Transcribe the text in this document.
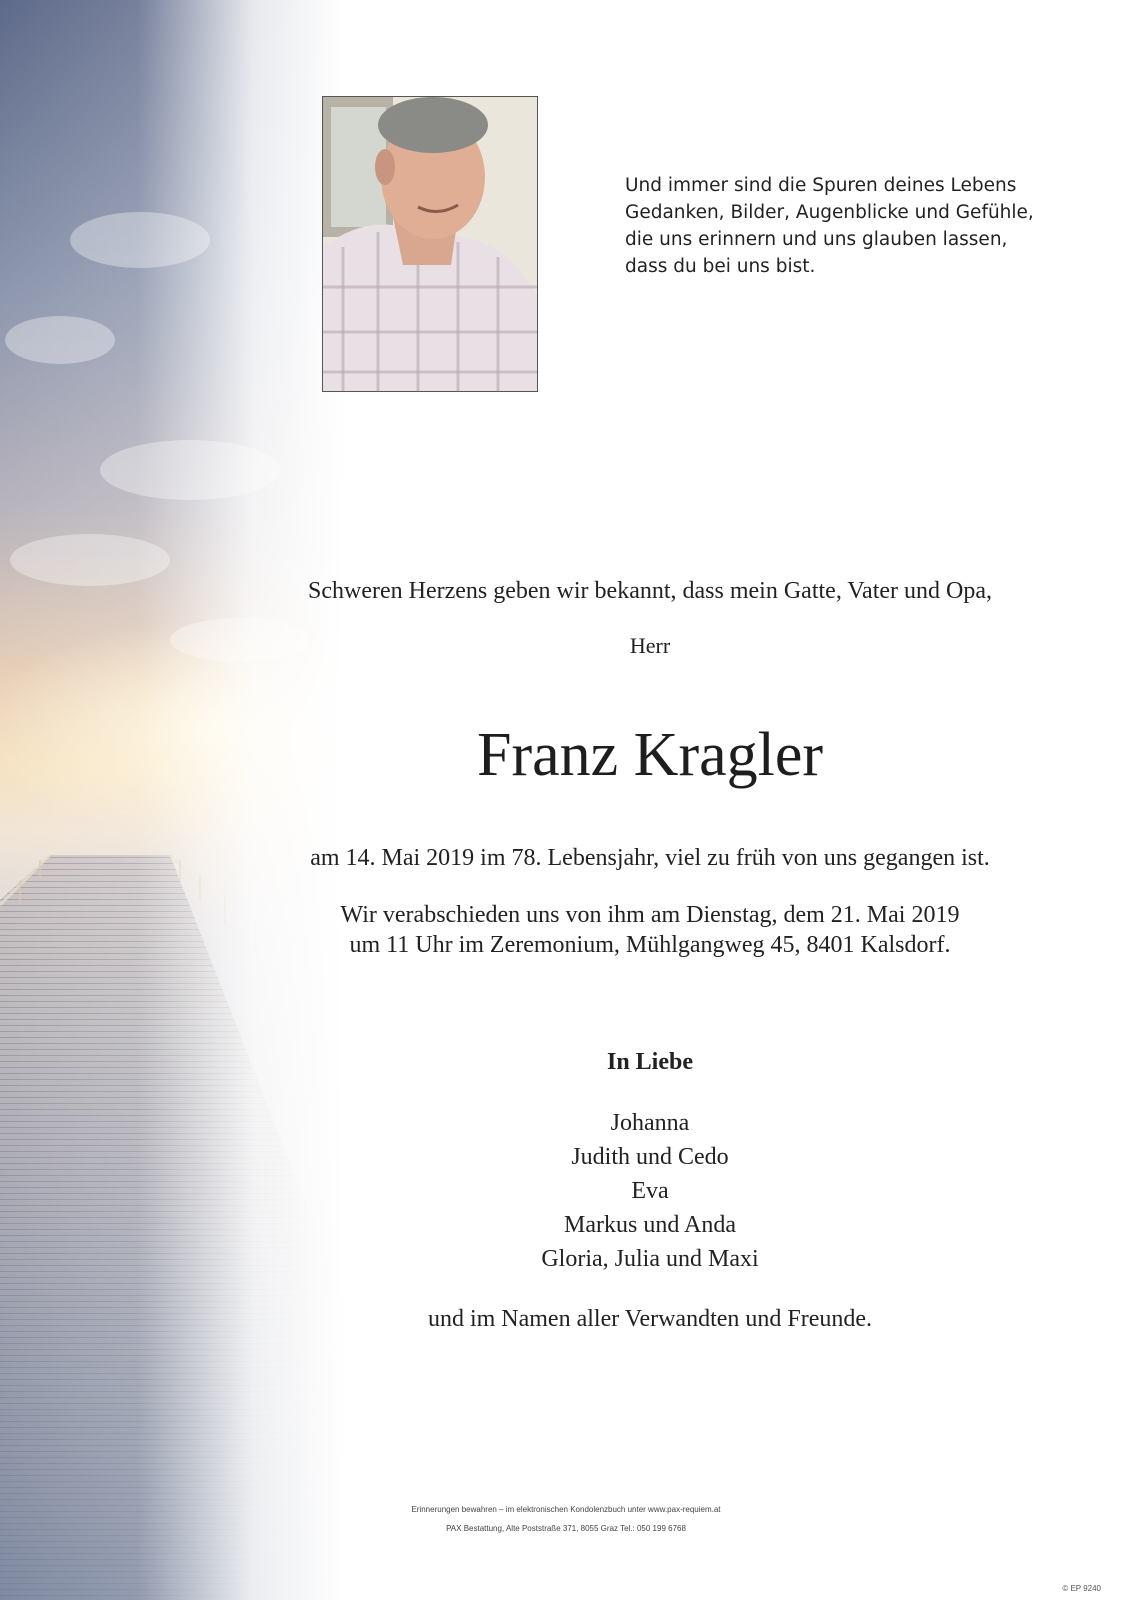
Und immer sind die Spuren deines Lebens
Gedanken, Bilder, Augenblicke und Gefühle,
die uns erinnern und uns glauben lassen,
dass du bei uns bist.
Schweren Herzens geben wir bekannt, dass mein Gatte, Vater und Opa,
Herr
Franz Kragler
am 14. Mai 2019 im 78. Lebensjahr, viel zu früh von uns gegangen ist.
Wir verabschieden uns von ihm am Dienstag, dem 21. Mai 2019
um 11 Uhr im Zeremonium, Mühlgangweg 45, 8401 Kalsdorf.
In Liebe
Johanna
Judith und Cedo
Eva
Markus und Anda
Gloria, Julia und Maxi
und im Namen aller Verwandten und Freunde.
Erinnerungen bewahren – im elektronischen Kondolenzbuch unter www.pax-requiem.at
PAX Bestattung, Alte Poststraße 371, 8055 Graz Tel.: 050 199 6768
© EP 9240
